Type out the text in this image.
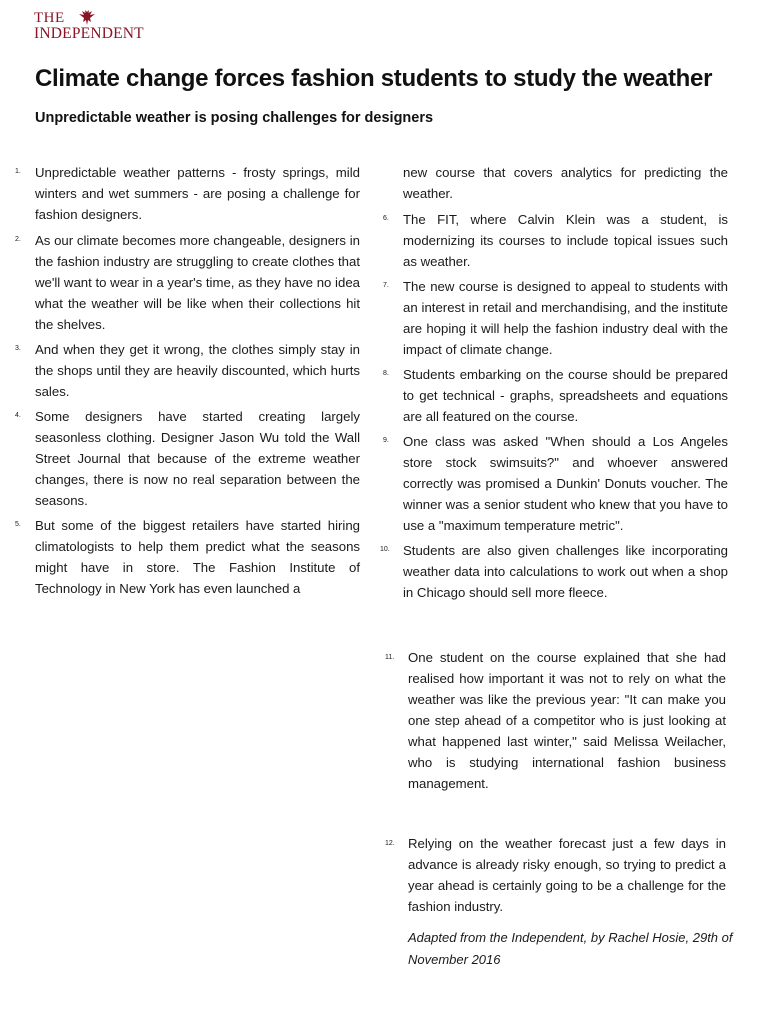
THE
INDEPENDENT
Climate change forces fashion students to study the weather
Unpredictable weather is posing challenges for designers
1. Unpredictable weather patterns - frosty springs, mild winters and wet summers - are posing a challenge for fashion designers.

2. As our climate becomes more changeable, designers in the fashion industry are struggling to create clothes that we'll want to wear in a year's time, as they have no idea what the weather will be like when their collections hit the shelves.

3. And when they get it wrong, the clothes simply stay in the shops until they are heavily discounted, which hurts sales.

4. Some designers have started creating largely seasonless clothing. Designer Jason Wu told the Wall Street Journal that because of the extreme weather changes, there is now no real separation between the seasons.

5. But some of the biggest retailers have started hiring climatologists to help them predict what the seasons might have in store. The Fashion Institute of Technology in New York has even launched a

new course that covers analytics for predicting the weather.

6. The FIT, where Calvin Klein was a student, is modernizing its courses to include topical issues such as weather.

7. The new course is designed to appeal to students with an interest in retail and merchandising, and the institute are hoping it will help the fashion industry deal with the impact of climate change.

8. Students embarking on the course should be prepared to get technical - graphs, spreadsheets and equations are all featured on the course.

9. One class was asked "When should a Los Angeles store stock swimsuits?" and whoever answered correctly was promised a Dunkin' Donuts voucher. The winner was a senior student who knew that you have to use a "maximum temperature metric".

10. Students are also given challenges like incorporating weather data into calculations to work out when a shop in Chicago should sell more fleece.

11. One student on the course explained that she had realised how important it was not to rely on what the weather was like the previous year: "It can make you one step ahead of a competitor who is just looking at what happened last winter," said Melissa Weilacher, who is studying international fashion business management.

12. Relying on the weather forecast just a few days in advance is already risky enough, so trying to predict a year ahead is certainly going to be a challenge for the fashion industry.

Adapted from the Independent, by Rachel Hosie, 29th of November 2016
